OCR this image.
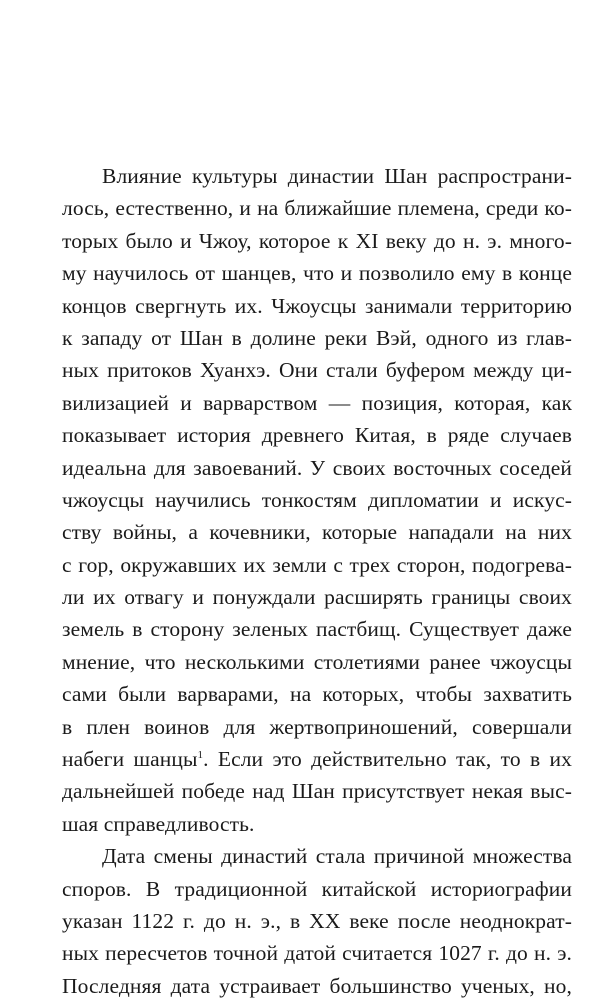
Влияние культуры династии Шан распространи-
лось, естественно, и на ближайшие племена, среди ко-
торых было и Чжоу, которое к XI веку до н. э. много-
му научилось от шанцев, что и позволило ему в конце
концов свергнуть их. Чжоусцы занимали территорию
к западу от Шан в долине реки Вэй, одного из глав-
ных притоков Хуанхэ. Они стали буфером между ци-
вилизацией и варварством — позиция, которая, как
показывает история древнего Китая, в ряде случаев
идеальна для завоеваний. У своих восточных соседей
чжоусцы научились тонкостям дипломатии и искус-
ству войны, а кочевники, которые нападали на них
с гор, окружавших их земли с трех сторон, подогрева-
ли их отвагу и понуждали расширять границы своих
земель в сторону зеленых пастбищ. Существует даже
мнение, что несколькими столетиями ранее чжоусцы
сами были варварами, на которых, чтобы захватить
в плен воинов для жертвоприношений, совершали
набеги шанцы$^1$. Если это действительно так, то в их
дальнейшей победе над Шан присутствует некая выс-
шая справедливость.
Дата смены династий стала причиной множества
споров. В традиционной китайской историографии
указан 1122 г. до н. э., в XX веке после неоднократ-
ных пересчетов точной датой считается 1027 г. до н. э.
Последняя дата устраивает большинство ученых, но,
